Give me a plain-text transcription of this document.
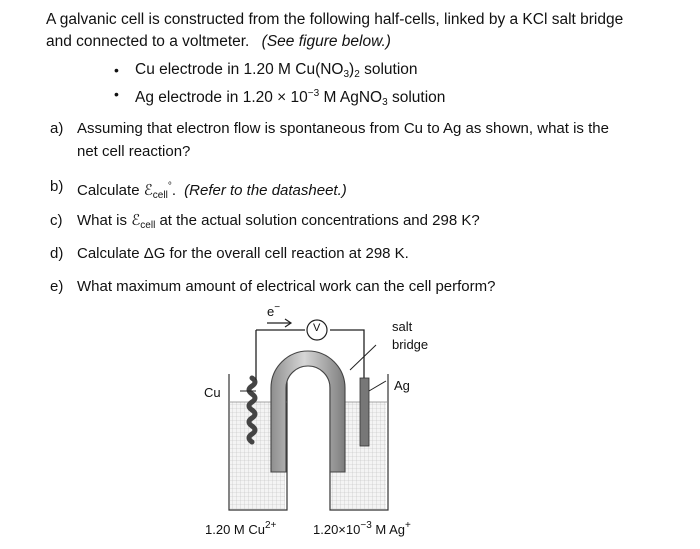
A galvanic cell is constructed from the following half-cells, linked by a KCl salt bridge
and connected to a voltmeter. (See figure below.)
• Cu electrode in 1.20 M $Cu(NO_3)_2$ solution
• Ag electrode in $1.20 \times 10^{-3}$ M AgNO$_3$ solution
a) Assuming that electron flow is spontaneous from Cu to Ag as shown, what is the
net cell reaction?
b) Calculate ℰ$_{cell}$°. (Refer to the datasheet.)
c) What is ℰ$_{cell}$ at the actual solution concentrations and 298 K?
d) Calculate ΔG for the overall cell reaction at 298 K.
e) What maximum amount of electrical work can the cell perform?
e−
V	salt
bridge
Cu	Ag
1.20 M $Cu^{2+}$	$1.20\times 10^{-3}$ M Ag+
